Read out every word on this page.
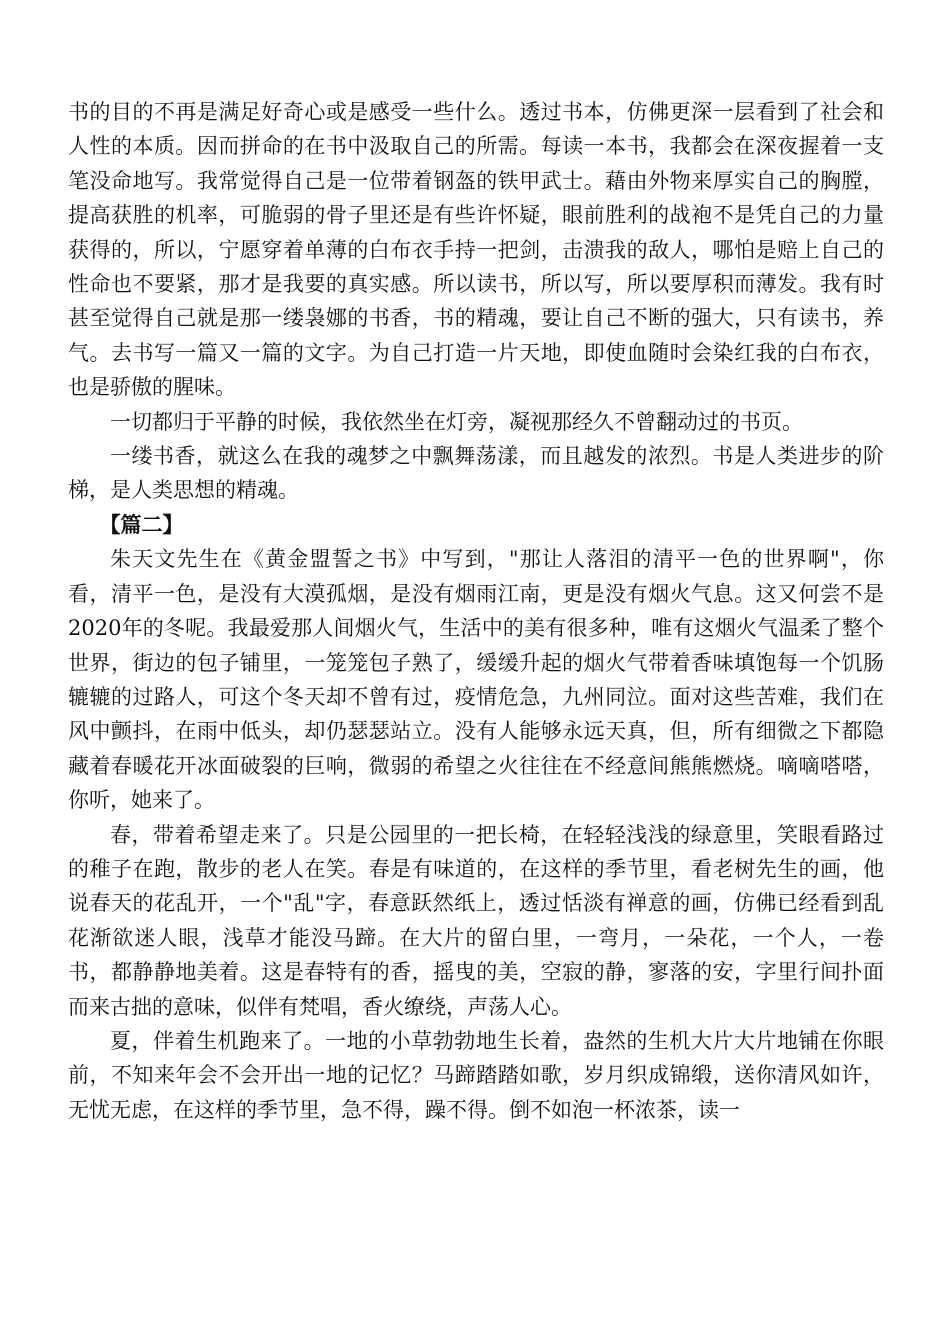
书的目的不再是满足好奇心或是感受一些什么。透过书本，仿佛更深一层看到了社会和人性的本质。因而拼命的在书中汲取自己的所需。每读一本书，我都会在深夜握着一支笔没命地写。我常觉得自己是一位带着钢盔的铁甲武士。藉由外物来厚实自己的胸膛，提高获胜的机率，可脆弱的骨子里还是有些许怀疑，眼前胜利的战袍不是凭自己的力量获得的，所以，宁愿穿着单薄的白布衣手持一把剑，击溃我的敌人，哪怕是赔上自己的性命也不要紧，那才是我要的真实感。所以读书，所以写，所以要厚积而薄发。我有时甚至觉得自己就是那一缕袅娜的书香，书的精魂，要让自己不断的强大，只有读书，养气。去书写一篇又一篇的文字。为自己打造一片天地，即使血随时会染红我的白布衣，也是骄傲的腥味。

一切都归于平静的时候，我依然坐在灯旁，凝视那经久不曾翻动过的书页。

一缕书香，就这么在我的魂梦之中飘舞荡漾，而且越发的浓烈。书是人类进步的阶梯，是人类思想的精魂。

【篇二】

朱天文先生在《黄金盟誓之书》中写到，"那让人落泪的清平一色的世界啊"，你看，清平一色，是没有大漠孤烟，是没有烟雨江南，更是没有烟火气息。这又何尝不是2020年的冬呢。我最爱那人间烟火气，生活中的美有很多种，唯有这烟火气温柔了整个世界，街边的包子铺里，一笼笼包子熟了，缓缓升起的烟火气带着香味填饱每一个饥肠辘辘的过路人，可这个冬天却不曾有过，疫情危急，九州同泣。面对这些苦难，我们在风中颤抖，在雨中低头，却仍瑟瑟站立。没有人能够永远天真，但，所有细微之下都隐藏着春暖花开冰面破裂的巨响，微弱的希望之火往往在不经意间熊熊燃烧。嘀嘀嗒嗒，你听，她来了。

春，带着希望走来了。只是公园里的一把长椅，在轻轻浅浅的绿意里，笑眼看路过的稚子在跑，散步的老人在笑。春是有味道的，在这样的季节里，看老树先生的画，他说春天的花乱开，一个"乱"字，春意跃然纸上，透过恬淡有禅意的画，仿佛已经看到乱花渐欲迷人眼，浅草才能没马蹄。在大片的留白里，一弯月，一朵花，一个人，一卷书，都静静地美着。这是春特有的香，摇曳的美，空寂的静，寥落的安，字里行间扑面而来古拙的意味，似伴有梵唱，香火缭绕，声荡人心。

夏，伴着生机跑来了。一地的小草勃勃地生长着，盎然的生机大片大片地铺在你眼前，不知来年会不会开出一地的记忆？马蹄踏踏如歌，岁月织成锦缎，送你清风如许，无忧无虑，在这样的季节里，急不得，躁不得。倒不如泡一杯浓茶，读一
